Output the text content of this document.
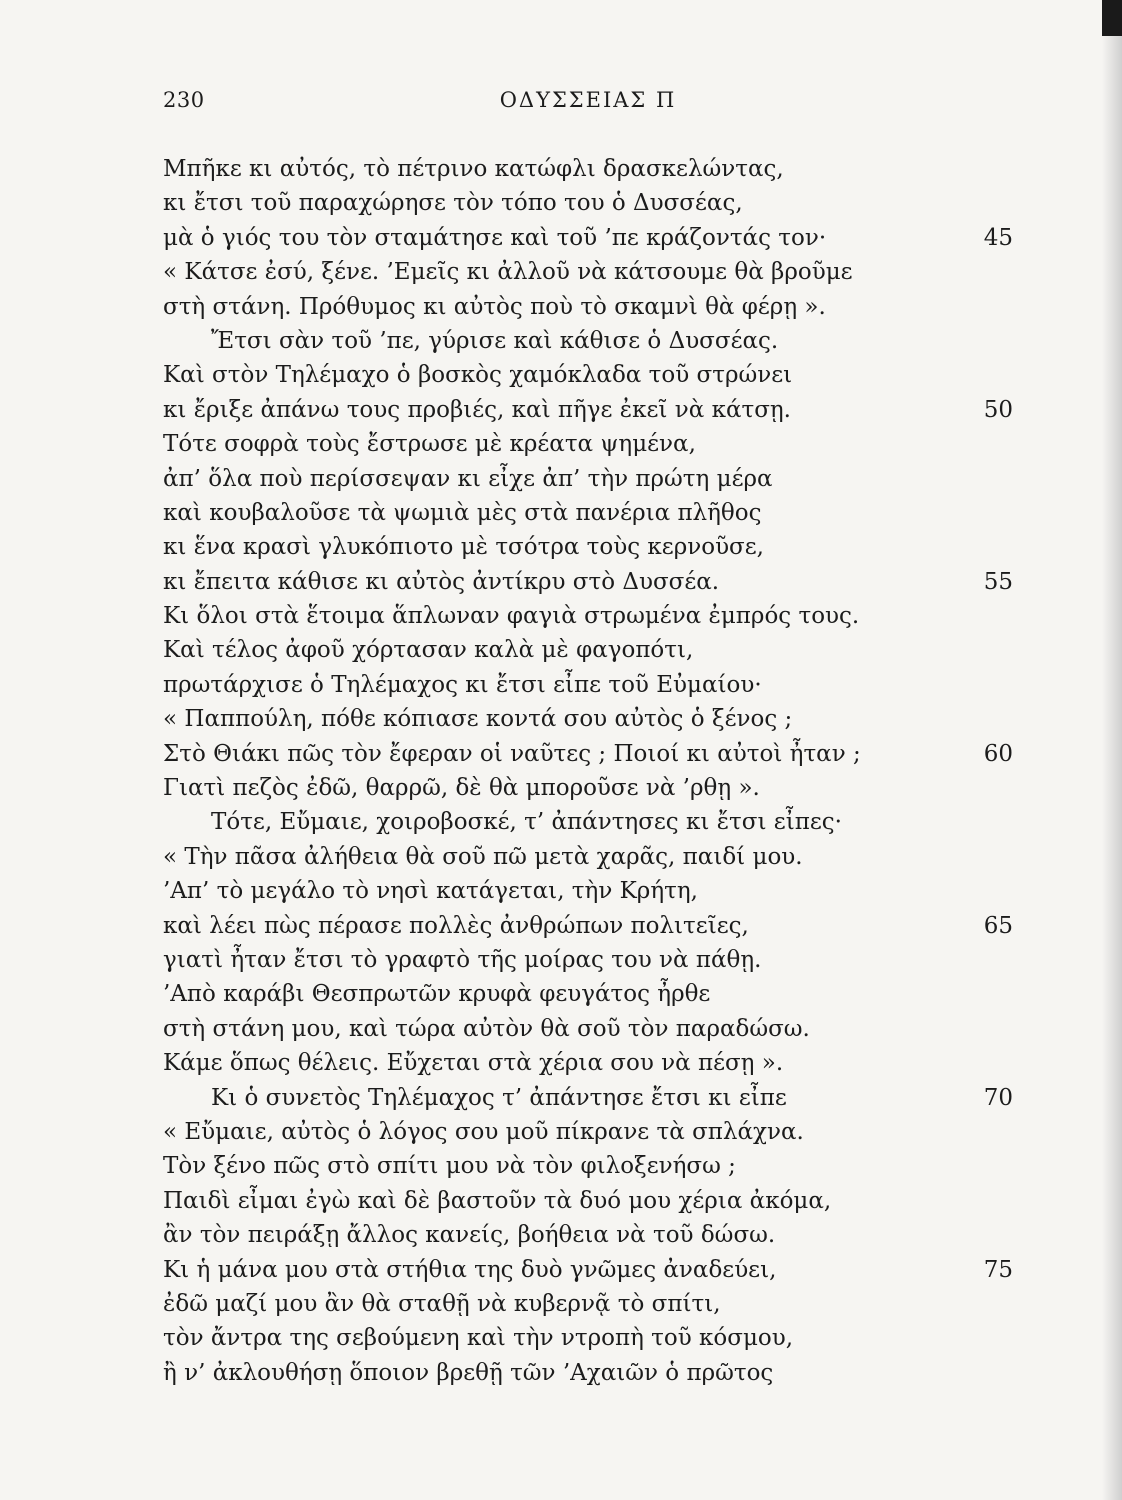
230	ΟΔΥΣΣΕΙΑΣ Π
Μπῆκε κι αὐτός, τὸ πέτρινο κατώφλι δρασκελώντας,
κι ἔτσι τοῦ παραχώρησε τὸν τόπο του ὁ Δυσσέας,
μὰ ὁ γιός του τὸν σταμάτησε καὶ τοῦ ’πε κράζοντάς τον·	45
« Κάτσε ἐσύ, ξένε. ’Εμεῖς κι ἀλλοῦ νὰ κάτσουμε θὰ βροῦμε
στὴ στάνη. Πρόθυμος κι αὐτὸς ποὺ τὸ σκαμνὶ θὰ φέρῃ ».
Ἔτσι σὰν τοῦ ’πε, γύρισε καὶ κάθισε ὁ Δυσσέας.
Καὶ στὸν Τηλέμαχο ὁ βοσκὸς χαμόκλαδα τοῦ στρώνει
κι ἔριξε ἀπάνω τους προβιές, καὶ πῆγε ἐκεῖ νὰ κάτσῃ.	50
Τότε σοφρὰ τοὺς ἔστρωσε μὲ κρέατα ψημένα,
ἀπ’ ὅλα ποὺ περίσσεψαν κι εἶχε ἀπ’ τὴν πρώτη μέρα
καὶ κουβαλοῦσε τὰ ψωμιὰ μὲς στὰ πανέρια πλῆθος
κι ἕνα κρασὶ γλυκόπιοτο μὲ τσότρα τοὺς κερνοῦσε,
κι ἔπειτα κάθισε κι αὐτὸς ἀντίκρυ στὸ Δυσσέα.	55
Κι ὅλοι στὰ ἕτοιμα ἅπλωναν φαγιὰ στρωμένα ἐμπρός τους.
Καὶ τέλος ἀφοῦ χόρτασαν καλὰ μὲ φαγοπότι,
πρωτάρχισε ὁ Τηλέμαχος κι ἔτσι εἶπε τοῦ Εὐμαίου·
« Παππούλη, πόθε κόπιασε κοντά σου αὐτὸς ὁ ξένος ;
Στὸ Θιάκι πῶς τὸν ἔφεραν οἱ ναῦτες ; Ποιοί κι αὐτοὶ ἦταν ;	60
Γιατὶ πεζὸς ἐδῶ, θαρρῶ, δὲ θὰ μποροῦσε νὰ ’ρθῃ ».
Τότε, Εὔμαιε, χοιροβοσκέ, τ’ ἀπάντησες κι ἔτσι εἶπες·
« Τὴν πᾶσα ἀλήθεια θὰ σοῦ πῶ μετὰ χαρᾶς, παιδί μου.
’Απ’ τὸ μεγάλο τὸ νησὶ κατάγεται, τὴν Κρήτη,
καὶ λέει πὼς πέρασε πολλὲς ἀνθρώπων πολιτεῖες,	65
γιατὶ ἦταν ἔτσι τὸ γραφτὸ τῆς μοίρας του νὰ πάθῃ.
’Απὸ καράβι Θεσπρωτῶν κρυφὰ φευγάτος ἦρθε
στὴ στάνη μου, καὶ τώρα αὐτὸν θὰ σοῦ τὸν παραδώσω.
Κάμε ὅπως θέλεις. Εὔχεται στὰ χέρια σου νὰ πέσῃ ».
Κι ὁ συνετὸς Τηλέμαχος τ’ ἀπάντησε ἔτσι κι εἶπε	70
« Εὔμαιε, αὐτὸς ὁ λόγος σου μοῦ πίκρανε τὰ σπλάχνα.
Τὸν ξένο πῶς στὸ σπίτι μου νὰ τὸν φιλοξενήσω ;
Παιδὶ εἶμαι ἐγὼ καὶ δὲ βαστοῦν τὰ δυό μου χέρια ἀκόμα,
ἂν τὸν πειράξῃ ἄλλος κανείς, βοήθεια νὰ τοῦ δώσω.
Κι ἡ μάνα μου στὰ στήθια της δυὸ γνῶμες ἀναδεύει,	75
ἐδῶ μαζί μου ἂν θὰ σταθῇ νὰ κυβερνᾷ τὸ σπίτι,
τὸν ἄντρα της σεβούμενη καὶ τὴν ντροπὴ τοῦ κόσμου,
ἢ ν’ ἀκλουθήσῃ ὅποιον βρεθῇ τῶν ’Αχαιῶν ὁ πρῶτος
